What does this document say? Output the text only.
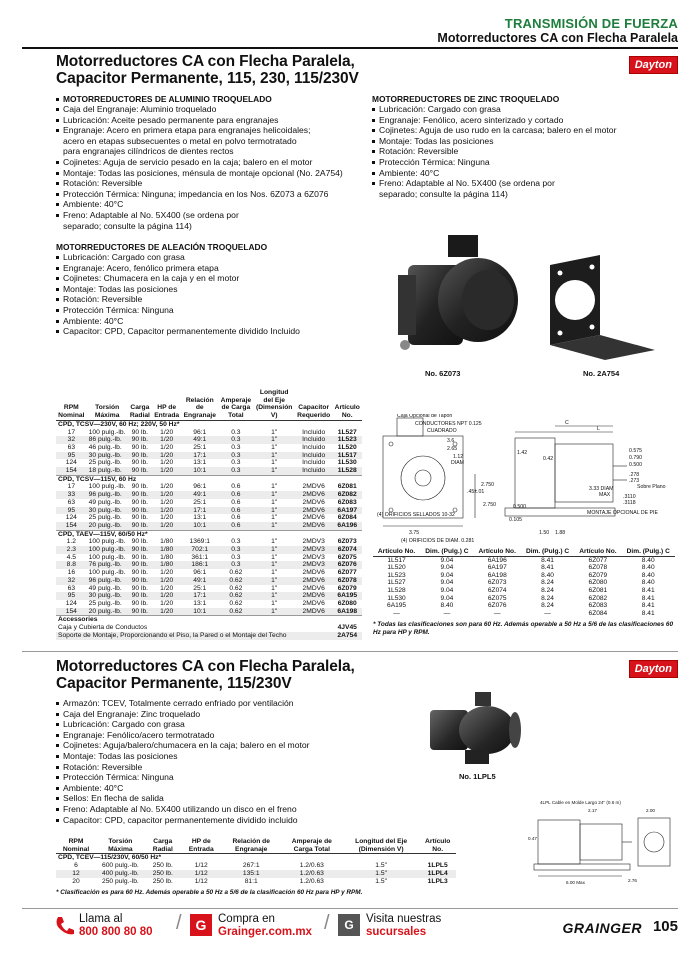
TRANSMISIÓN DE FUERZA
Motorreductores CA con Flecha Paralela
Motorreductores CA con Flecha Paralela,
Capacitor Permanente, 115, 230, 115/230V
Dayton
MOTORREDUCTORES DE ALUMINIO TROQUELADO
Caja del Engranaje: Aluminio troquelado
Lubricación: Aceite pesado permanente para engranajes
Engranaje: Acero en primera etapa para engranajes helicoidales;
acero en etapas subsecuentes o metal en polvo termotratado
para engranajes cilíndricos de dientes rectos
Cojinetes: Aguja de servicio pesado en la caja; balero en el motor
Montaje: Todas las posiciones, ménsula de montaje opcional (No. 2A754)
Rotación: Reversible
Protección Térmica: Ninguna; impedancia en los Nos. 6Z073 a 6Z076
Ambiente: 40°C
Freno: Adaptable al No. 5X400 (se ordena por
separado; consulte la página 114)
MOTORREDUCTORES DE ALEACIÓN TROQUELADO
Lubricación: Cargado con grasa
Engranaje: Acero, fenólico primera etapa
Cojinetes: Chumacera en la caja y en el motor
Montaje: Todas las posiciones
Rotación: Reversible
Protección Térmica: Ninguna
Ambiente: 40°C
Capacitor: CPD, Capacitor permanentemente dividido Incluido
MOTORREDUCTORES DE ZINC TROQUELADO
Lubricación: Cargado con grasa
Engranaje: Fenólico, acero sinterizado y cortado
Cojinetes: Aguja de uso rudo en la carcasa; balero en el motor
Montaje: Todas las posiciones
Rotación: Reversible
Protección Térmica: Ninguna
Ambiente: 40°C
Freno: Adaptable al No. 5X400 (se ordena por
separado; consulte la página 114)
No. 6Z073	No. 2A754
RPM Nominal	Torsión Máxima	Carga Radial	HP de Entrada	Relación de Engranaje	Amperaje de Carga Total	Longitud del Eje (Dimensión V)	Capacitor Requerido	Artículo No.
CPD, TCSV—230V, 60 Hz; 220V, 50 Hz*								
17	100 pulg.-lb.	90 lb.	1/20	96:1	0.3	1"	Incluido	1L527
32	86 pulg.-lb.	90 lb.	1/20	49:1	0.3	1"	Incluido	1L523
63	46 pulg.-lb.	90 lb.	1/20	25:1	0.3	1"	Incluido	1L520
95	30 pulg.-lb.	90 lb.	1/20	17:1	0.3	1"	Incluido	1L517
124	25 pulg.-lb.	90 lb.	1/20	13:1	0.3	1"	Incluido	1L530
154	18 pulg.-lb.	90 lb.	1/20	10:1	0.3	1"	Incluido	1L528
CPD, TCSV—115V, 60 Hz								
17	100 pulg.-lb.	90 lb.	1/20	96:1	0.6	1"	2MDV6	6Z081
33	96 pulg.-lb.	90 lb.	1/20	49:1	0.6	1"	2MDV6	6Z082
63	49 pulg.-lb.	90 lb.	1/20	25:1	0.6	1"	2MDV6	6Z083
95	30 pulg.-lb.	90 lb.	1/20	17:1	0.6	1"	2MDV6	6A197
124	25 pulg.-lb.	90 lb.	1/20	13:1	0.6	1"	2MDV6	6Z084
154	20 pulg.-lb.	90 lb.	1/20	10:1	0.6	1"	2MDV6	6A196
CPD, TAEV—115V, 60/50 Hz*								
1.2	100 pulg.-lb.	90 lb.	1/80	1369:1	0.3	1"	2MDV3	6Z073
2.3	100 pulg.-lb.	90 lb.	1/80	702:1	0.3	1"	2MDV3	6Z074
4.5	100 pulg.-lb.	90 lb.	1/80	361:1	0.3	1"	2MDV3	6Z075
8.8	76 pulg.-lb.	90 lb.	1/80	186:1	0.3	1"	2MDV3	6Z076
16	100 pulg.-lb.	90 lb.	1/20	96:1	0.62	1"	2MDV6	6Z077
32	96 pulg.-lb.	90 lb.	1/20	49:1	0.62	1"	2MDV6	6Z078
63	49 pulg.-lb.	90 lb.	1/20	25:1	0.62	1"	2MDV6	6Z079
95	30 pulg.-lb.	90 lb.	1/20	17:1	0.62	1"	2MDV6	6A195
124	25 pulg.-lb.	90 lb.	1/20	13:1	0.62	1"	2MDV6	6Z080
154	20 pulg.-lb.	90 lb.	1/20	10:1	0.62	1"	2MDV6	6A198
Accessories								
Caja y Cubierta de Conductos								4JV45
Soporte de Montaje, Proporcionando el Piso, la Pared o el Montaje del Techo								2A754
Caja Opcional de Tapón
CONDUCTORES NPT 0.125
CUADRADO
3.6
2.65
1.12
DIAM
2.750
.45±.01
2.750
(4) ORIFICIOS SELLADOS 10-32
3.75
(4) ORIFICIOS DE DIAM. 0.281
C
L
1.42
0.42
0.500
0.105
1.50 1.88
3.33 DIAM
MAX
0.575
0.790
0.500
.278
.273
Sobre Plano
.3110
.3118
MONTAJE OPCIONAL DE PIE
Artículo No.	Dim. (Pulg.) C	Artículo No.	Dim. (Pulg.) C	Artículo No.	Dim. (Pulg.) C
1L517	9.04	6A196	8.41	6Z077	8.40
1L520	9.04	6A197	8.41	6Z078	8.40
1L523	9.04	6A198	8.40	6Z079	8.40
1L527	9.04	6Z073	8.24	6Z080	8.40
1L528	9.04	6Z074	8.24	6Z081	8.41
1L530	9.04	6Z075	8.24	6Z082	8.41
6A195	8.40	6Z076	8.24	6Z083	8.41
—	—	—	—	6Z084	8.41
* Todas las clasificaciones son para 60 Hz. Además operable a 50 Hz a 5/6 de las clasificaciones 60 Hz para HP y RPM.
Motorreductores CA con Flecha Paralela,
Capacitor Permanente, 115/230V
Dayton
Armazón: TCEV, Totalmente cerrado enfriado por ventilación
Caja del Engranaje: Zinc troquelado
Lubricación: Cargado con grasa
Engranaje: Fenólico/acero termotratado
Cojinetes: Aguja/balero/chumacera en la caja; balero en el motor
Montaje: Todas las posiciones
Rotación: Reversible
Protección Térmica: Ninguna
Ambiente: 40°C
Sellos: En flecha de salida
Freno: Adaptable al No. 5X400 utilizando un disco en el freno
Capacitor: CPD, capacitor permanentemente dividido incluido
No. 1LPL5
4LPL Cable en Molde Largo 24" (0.6 m)
2.17	2.00
0.47
6.00 Max	2.76
RPM Nominal	Torsión Máxima	Carga Radial	HP de Entrada	Relación de Engranaje	Amperaje de Carga Total	Longitud del Eje (Dimensión V)	Artículo No.
CPD, TCEV—115/230V, 60/50 Hz*							
6	600 pulg.-lb.	250 lb.	1/12	267:1	1.2/0.63	1.5"	1LPL5
12	400 pulg.-lb.	250 lb.	1/12	135:1	1.2/0.63	1.5"	1LPL4
20	250 pulg.-lb.	250 lb.	1/12	81:1	1.2/0.63	1.5"	1LPL3
* Clasificación es para 60 Hz. Además operable a 50 Hz a 5/6 de la clasificación 60 Hz para HP y RPM.
Llama al
800 800 80 80 / G	Compra en
Grainger.com.mx /	G	Visita nuestras
sucursales	GRAINGER 105
